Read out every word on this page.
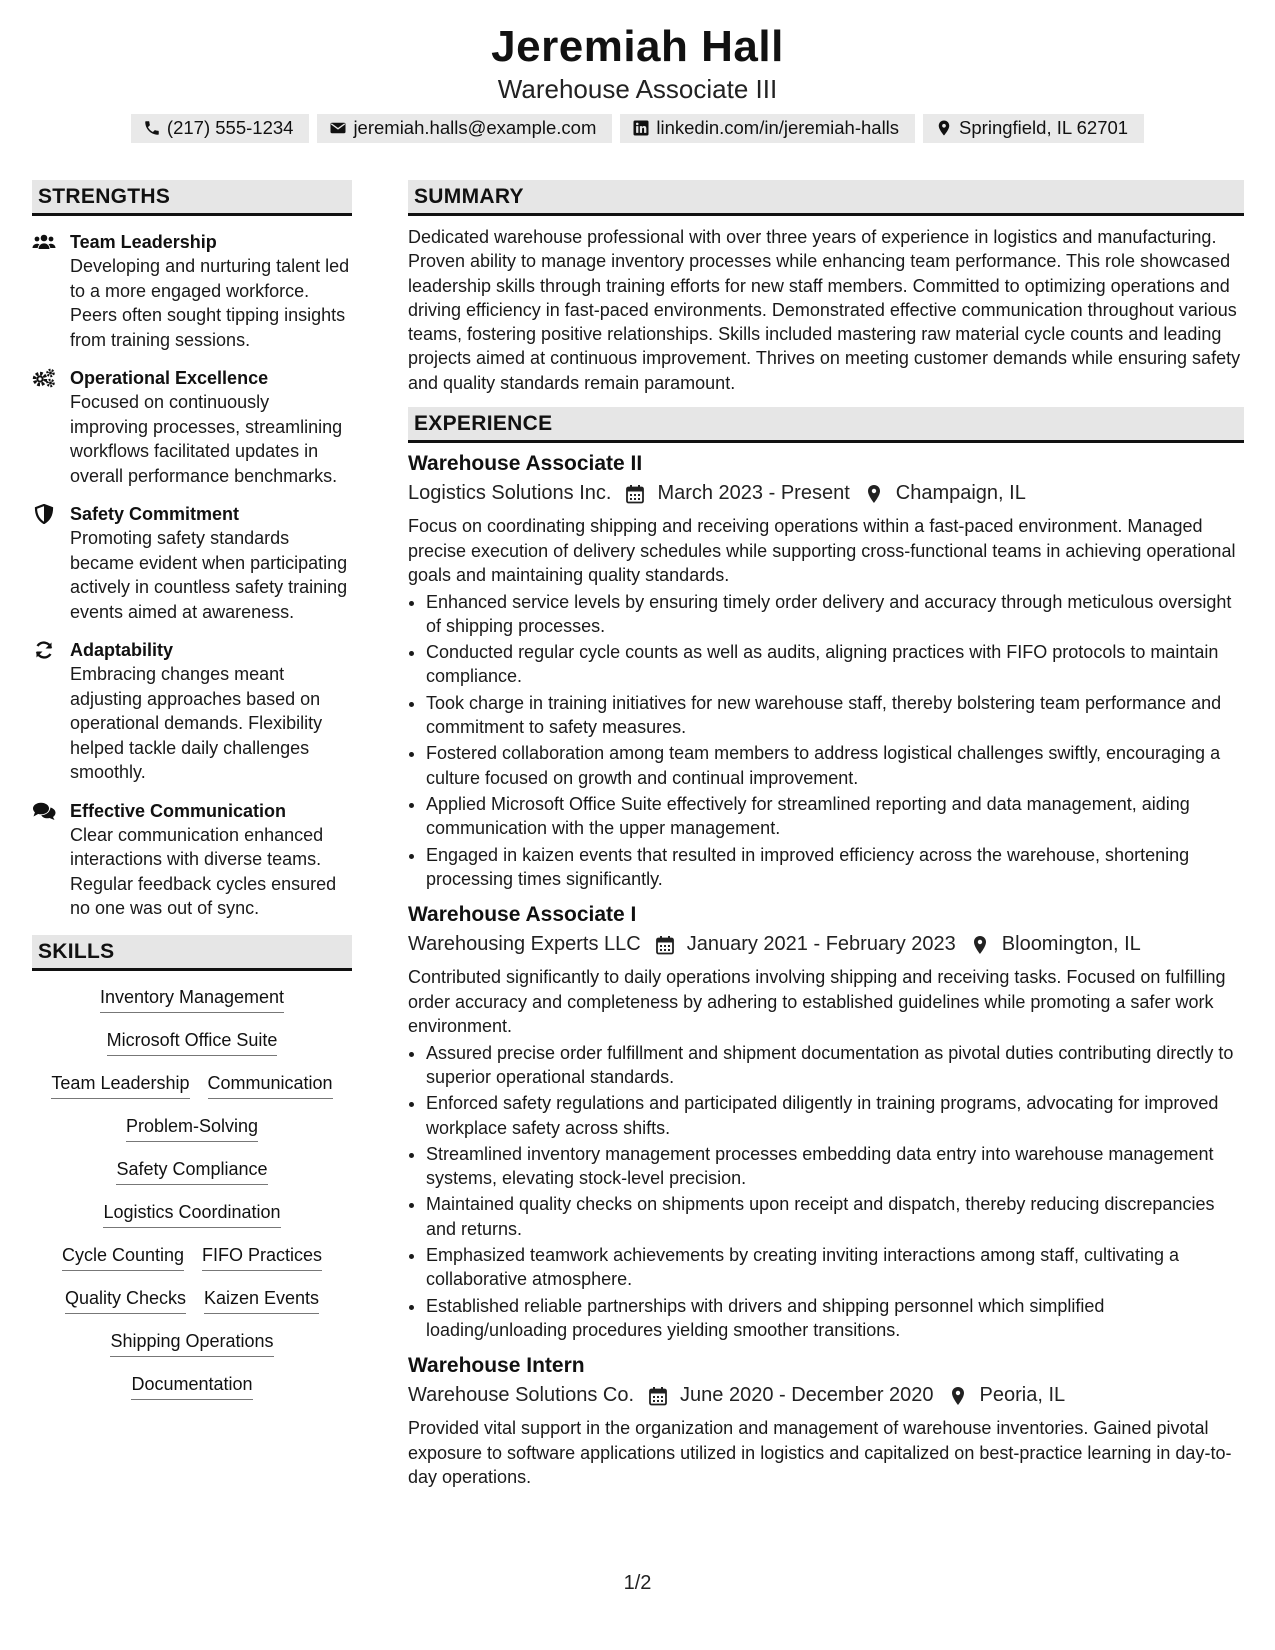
Jeremiah Hall
Warehouse Associate III
(217) 555-1234	jeremiah.halls@example.com	linkedin.com/in/jeremiah-halls	Springfield, IL 62701
STRENGTHS
Team Leadership
Developing and nurturing talent led to a more engaged workforce. Peers often sought tipping insights from training sessions.
Operational Excellence
Focused on continuously improving processes, streamlining workflows facilitated updates in overall performance benchmarks.
Safety Commitment
Promoting safety standards became evident when participating actively in countless safety training events aimed at awareness.
Adaptability
Embracing changes meant adjusting approaches based on operational demands. Flexibility helped tackle daily challenges smoothly.
Effective Communication
Clear communication enhanced interactions with diverse teams. Regular feedback cycles ensured no one was out of sync.
SKILLS
Inventory Management
Microsoft Office Suite
Team Leadership Communication
Problem-Solving
Safety Compliance
Logistics Coordination
Cycle Counting FIFO Practices
Quality Checks Kaizen Events
Shipping Operations
Documentation
SUMMARY
Dedicated warehouse professional with over three years of experience in logistics and manufacturing. Proven ability to manage inventory processes while enhancing team performance. This role showcased leadership skills through training efforts for new staff members. Committed to optimizing operations and driving efficiency in fast-paced environments. Demonstrated effective communication throughout various teams, fostering positive relationships. Skills included mastering raw material cycle counts and leading projects aimed at continuous improvement. Thrives on meeting customer demands while ensuring safety and quality standards remain paramount.
EXPERIENCE
Warehouse Associate II
Logistics Solutions Inc. March 2023 - Present Champaign, IL
Focus on coordinating shipping and receiving operations within a fast-paced environment. Managed precise execution of delivery schedules while supporting cross-functional teams in achieving operational goals and maintaining quality standards.
• Enhanced service levels by ensuring timely order delivery and accuracy through meticulous oversight of shipping processes.
• Conducted regular cycle counts as well as audits, aligning practices with FIFO protocols to maintain compliance.
• Took charge in training initiatives for new warehouse staff, thereby bolstering team performance and commitment to safety measures.
• Fostered collaboration among team members to address logistical challenges swiftly, encouraging a culture focused on growth and continual improvement.
• Applied Microsoft Office Suite effectively for streamlined reporting and data management, aiding communication with the upper management.
• Engaged in kaizen events that resulted in improved efficiency across the warehouse, shortening processing times significantly.
Warehouse Associate I
Warehousing Experts LLC January 2021 - February 2023 Bloomington, IL
Contributed significantly to daily operations involving shipping and receiving tasks. Focused on fulfilling order accuracy and completeness by adhering to established guidelines while promoting a safer work environment.
• Assured precise order fulfillment and shipment documentation as pivotal duties contributing directly to superior operational standards.
• Enforced safety regulations and participated diligently in training programs, advocating for improved workplace safety across shifts.
• Streamlined inventory management processes embedding data entry into warehouse management systems, elevating stock-level precision.
• Maintained quality checks on shipments upon receipt and dispatch, thereby reducing discrepancies and returns.
• Emphasized teamwork achievements by creating inviting interactions among staff, cultivating a collaborative atmosphere.
• Established reliable partnerships with drivers and shipping personnel which simplified loading/unloading procedures yielding smoother transitions.
Warehouse Intern
Warehouse Solutions Co. June 2020 - December 2020 Peoria, IL
Provided vital support in the organization and management of warehouse inventories. Gained pivotal exposure to software applications utilized in logistics and capitalized on best-practice learning in day-to-day operations.
1/2
